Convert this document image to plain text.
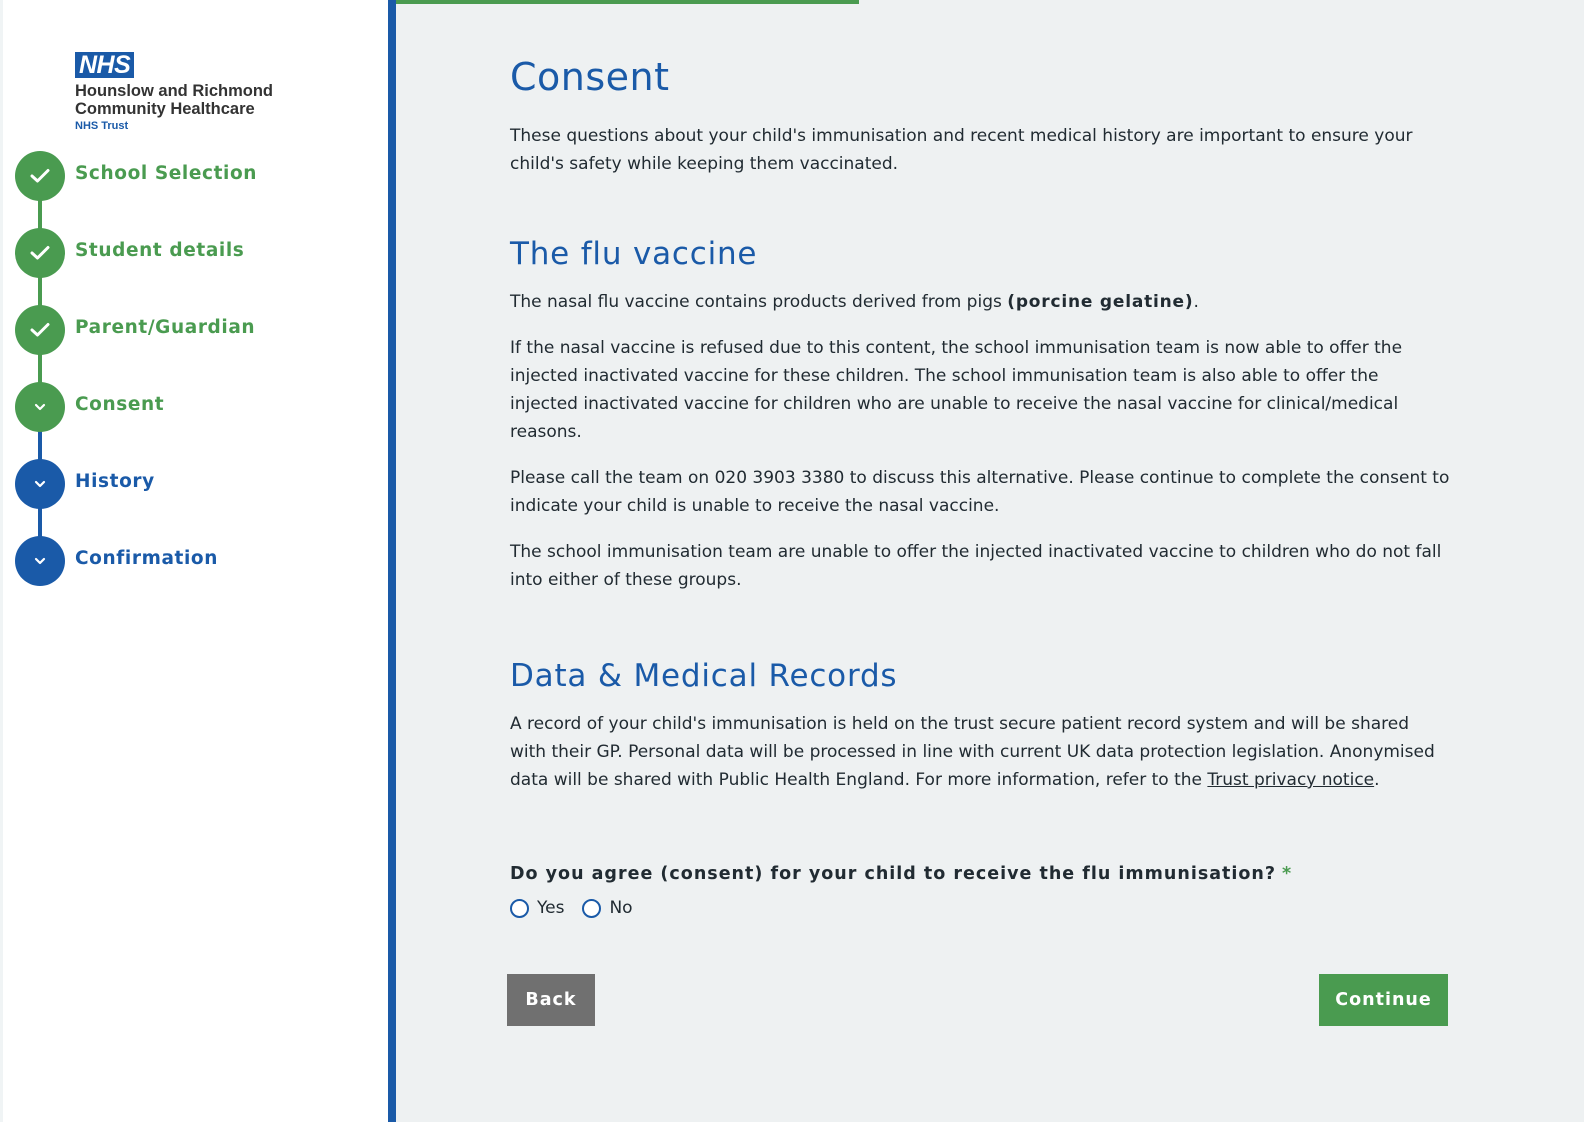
NHS
Hounslow and Richmond
Community Healthcare
NHS Trust
School Selection
Student details
Parent/Guardian
Consent
History
Confirmation
Consent

These questions about your child's immunisation and recent medical history are important to ensure your child's safety while keeping them vaccinated.

The flu vaccine

The nasal flu vaccine contains products derived from pigs (porcine gelatine).

If the nasal vaccine is refused due to this content, the school immunisation team is now able to offer the injected inactivated vaccine for these children. The school immunisation team is also able to offer the injected inactivated vaccine for children who are unable to receive the nasal vaccine for clinical/medical reasons.

Please call the team on 020 3903 3380 to discuss this alternative. Please continue to complete the consent to indicate your child is unable to receive the nasal vaccine.

The school immunisation team are unable to offer the injected inactivated vaccine to children who do not fall into either of these groups.

Data & Medical Records

A record of your child's immunisation is held on the trust secure patient record system and will be shared with their GP. Personal data will be processed in line with current UK data protection legislation. Anonymised data will be shared with Public Health England. For more information, refer to the Trust privacy notice.

Do you agree (consent) for your child to receive the flu immunisation? *
Yes	No
Back	Continue
